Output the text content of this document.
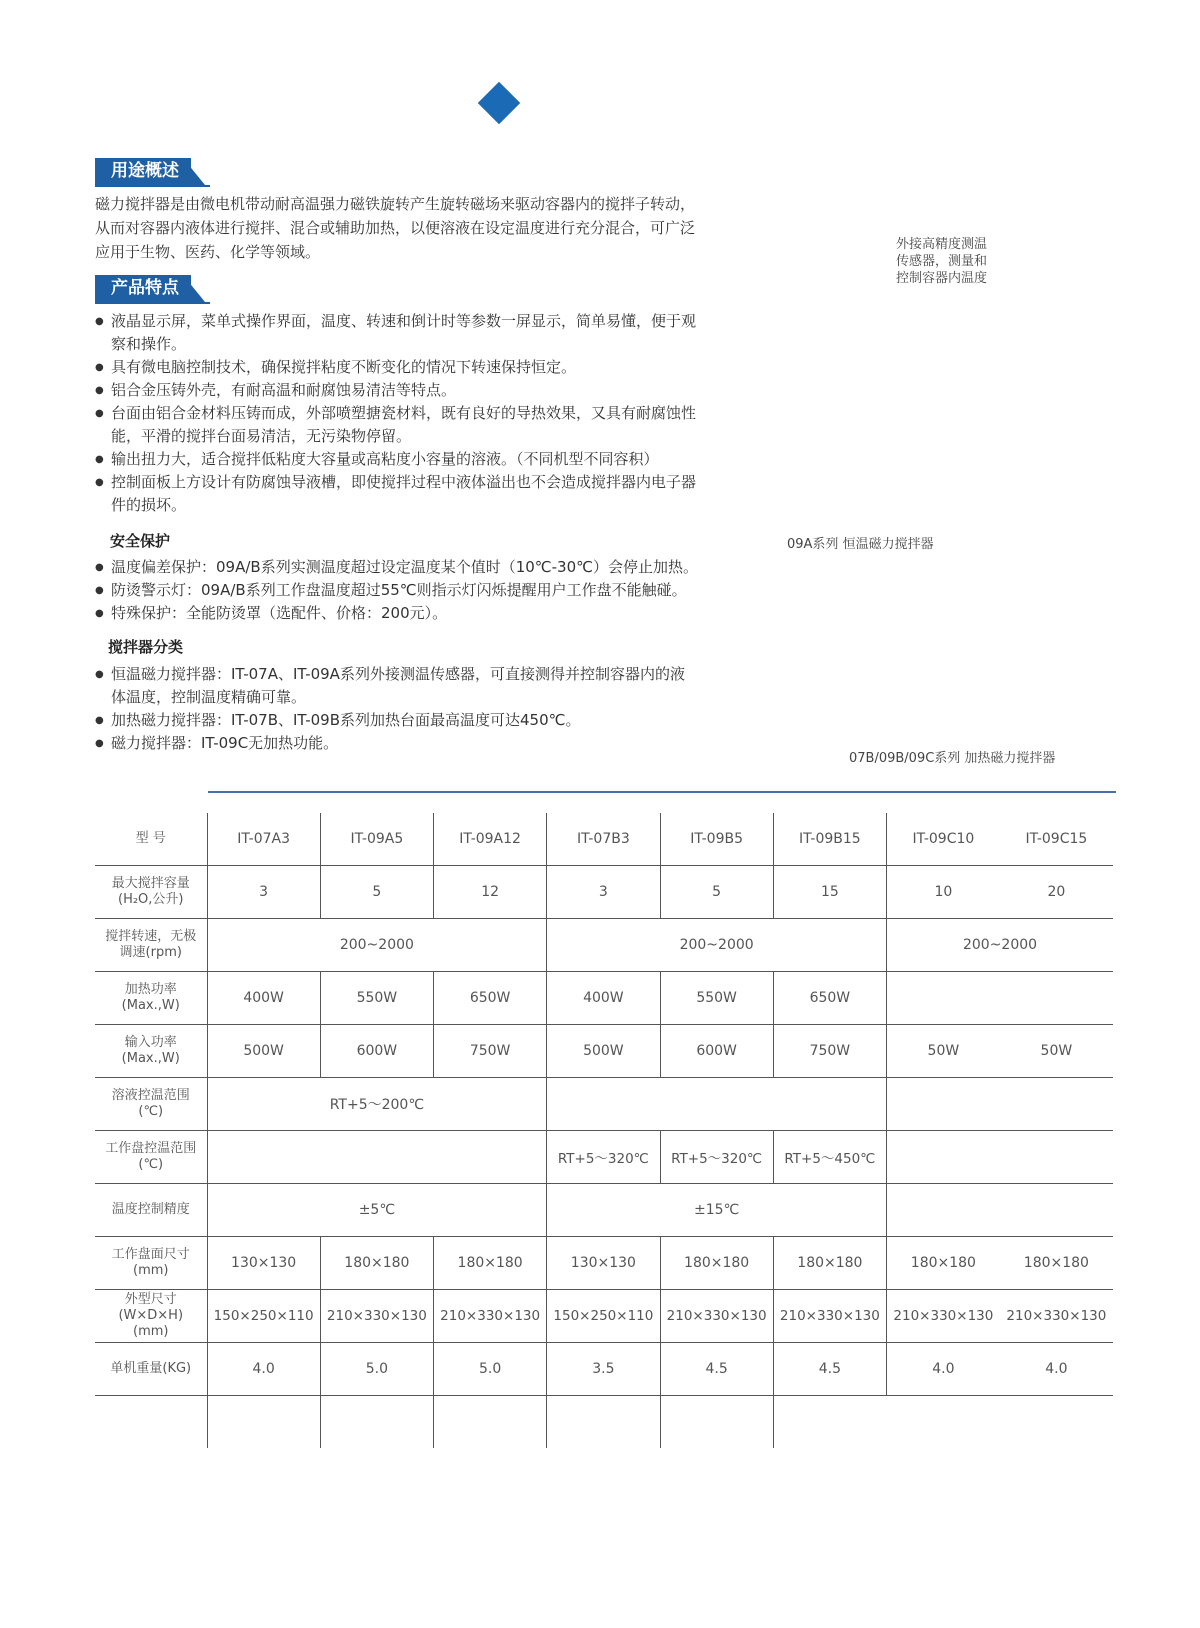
用途概述
磁力搅拌器是由微电机带动耐高温强力磁铁旋转产生旋转磁场来驱动容器内的搅拌子转动，
从而对容器内液体进行搅拌、混合或辅助加热，以便溶液在设定温度进行充分混合，可广泛
应用于生物、医药、化学等领域。
产品特点
● 液晶显示屏，菜单式操作界面，温度、转速和倒计时等参数一屏显示，简单易懂，便于观
察和操作。
● 具有微电脑控制技术，确保搅拌粘度不断变化的情况下转速保持恒定。
● 铝合金压铸外壳，有耐高温和耐腐蚀易清洁等特点。
● 台面由铝合金材料压铸而成，外部喷塑搪瓷材料，既有良好的导热效果，又具有耐腐蚀性
能，平滑的搅拌台面易清洁，无污染物停留。
● 输出扭力大，适合搅拌低粘度大容量或高粘度小容量的溶液。（不同机型不同容积）
● 控制面板上方设计有防腐蚀导液槽，即使搅拌过程中液体溢出也不会造成搅拌器内电子器
件的损坏。
安全保护
● 温度偏差保护：09A/B系列实测温度超过设定温度某个值时（10℃-30℃）会停止加热。
● 防烫警示灯：09A/B系列工作盘温度超过55℃则指示灯闪烁提醒用户工作盘不能触碰。
● 特殊保护：全能防烫罩（选配件、价格：200元）。
搅拌器分类
● 恒温磁力搅拌器：IT-07A、IT-09A系列外接测温传感器，可直接测得并控制容器内的液
体温度，控制温度精确可靠。
● 加热磁力搅拌器：IT-07B、IT-09B系列加热台面最高温度可达450℃。
● 磁力搅拌器：IT-09C无加热功能。
外接高精度测温
传感器，测量和
控制容器内温度
09A系列 恒温磁力搅拌器
07B/09B/09C系列 加热磁力搅拌器
型 号	IT-07A3	IT-09A5	IT-09A12	IT-07B3	IT-09B5	IT-09B15	IT-09C10	IT-09C15

最大搅拌容量
(H₂O,公升)	3	5	12	3	5	15	10	20

搅拌转速，无极
调速(rpm)	200~2000			200~2000			200~2000	

加热功率
(Max.,W)	400W	550W	650W	400W	550W	650W		

输入功率
(Max.,W)	500W	600W	750W	500W	600W	750W	50W	50W

溶液控温范围
(℃)	RT+5～200℃							

工作盘控温范围
(℃)				RT+5～320℃	RT+5～320℃	RT+5～450℃		
温度控制精度	±5℃			±15℃				

工作盘面尺寸
(mm)	130×130	180×180	180×180	130×130	180×180	180×180	180×180	180×180

外型尺寸
(W×D×H)
(mm)	150×250×110	210×330×130	210×330×130	150×250×110	210×330×130	210×330×130	210×330×130	210×330×130
单机重量(KG)	4.0	5.0	5.0	3.5	4.5	4.5	4.0	4.0
